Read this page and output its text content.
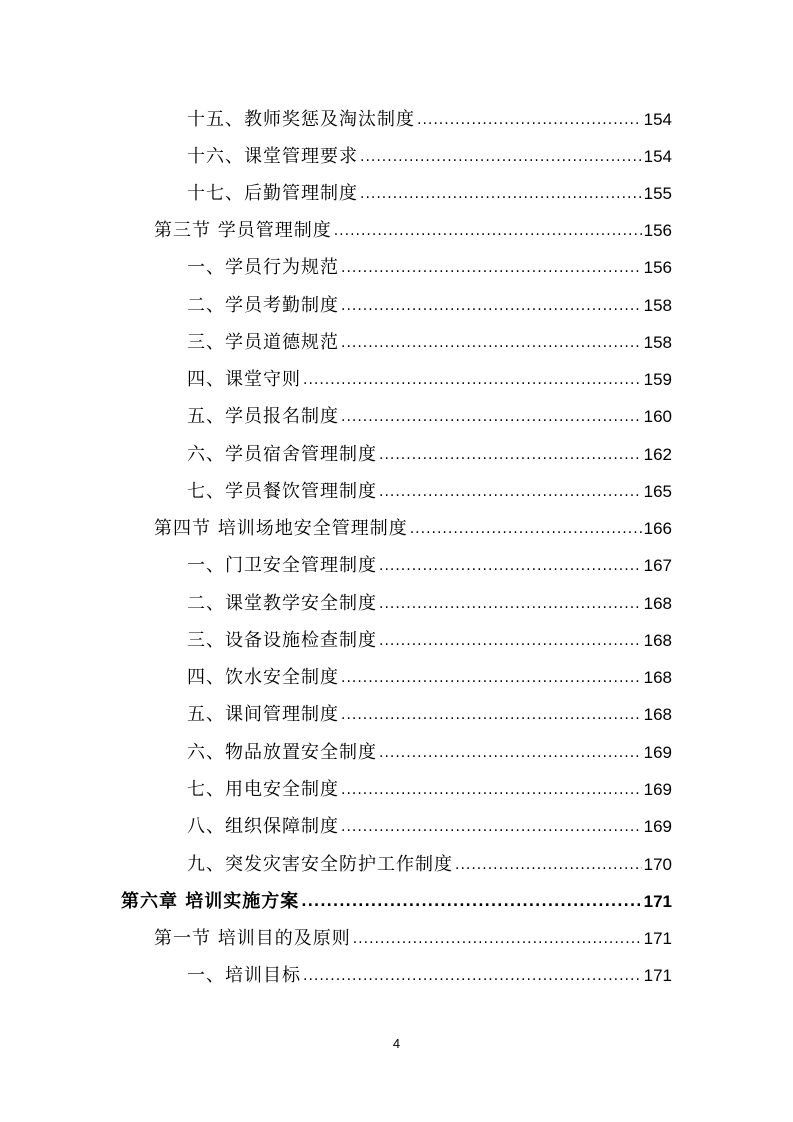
十五、教师奖惩及淘汰制度 .....	154
十六、课堂管理要求 .....	154
十七、后勤管理制度 .....	155
第三节 学员管理制度 .....	156
一、学员行为规范 .....	156
二、学员考勤制度 .....	158
三、学员道德规范 .....	158
四、课堂守则 .....	159
五、学员报名制度 .....	160
六、学员宿舍管理制度 .....	162
七、学员餐饮管理制度 .....	165
第四节 培训场地安全管理制度 .....	166
一、门卫安全管理制度 .....	167
二、课堂教学安全制度 .....	168
三、设备设施检查制度 .....	168
四、饮水安全制度 .....	168
五、课间管理制度 .....	168
六、物品放置安全制度 .....	169
七、用电安全制度 .....	169
八、组织保障制度 .....	169
九、突发灾害安全防护工作制度 .....	170
第六章 培训实施方案 .....	171
第一节 培训目的及原则 .....	171
一、培训目标 .....	171
4
